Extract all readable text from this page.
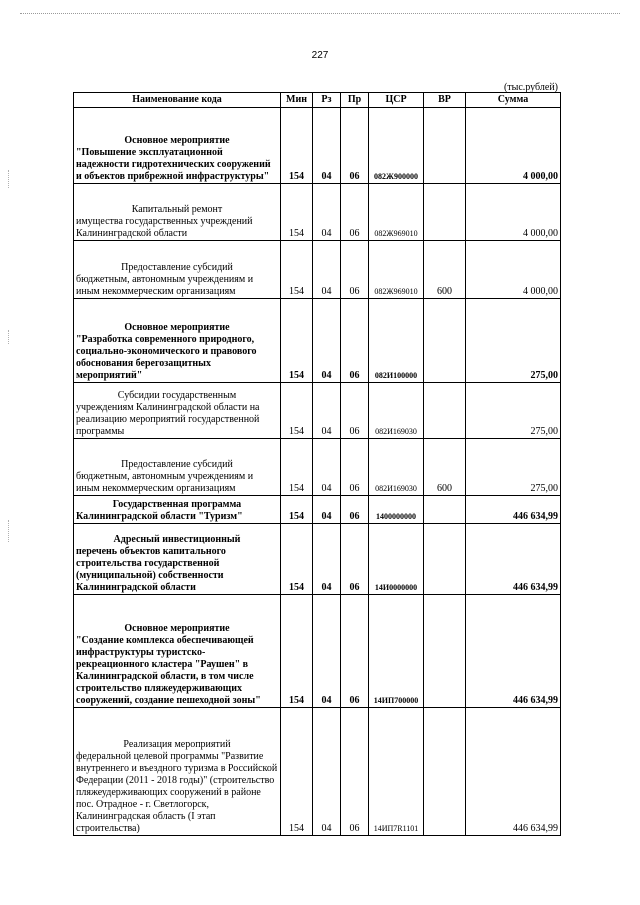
227
(тыс.рублей)
Наименование кода	Мин	Рз	Пр	ЦСР	ВР	Сумма

Основное мероприятие
"Повышение эксплуатационной надежности гидротехнических сооружений и объектов прибрежной инфраструктуры"	154	04	06	082Ж900000		4 000,00

Капитальный ремонт
имущества государственных учреждений Калининградской области	154	04	06	082Ж969010		4 000,00

Предоставление субсидий
бюджетным, автономным учреждениям и иным некоммерческим организациям	154	04	06	082Ж969010	600	4 000,00

Основное мероприятие
"Разработка современного природного, социально-экономического и правового обоснования берегозащитных мероприятий"	154	04	06	082И100000		275,00

Субсидии государственным
учреждениям Калининградской области на реализацию мероприятий государственной программы	154	04	06	082И169030		275,00

Предоставление субсидий
бюджетным, автономным учреждениям и иным некоммерческим организациям	154	04	06	082И169030	600	275,00

Государственная программа
Калининградской области "Туризм"	154	04	06	1400000000		446 634,99

Адресный инвестиционный
перечень объектов капитального строительства государственной (муниципальной) собственности Калининградской области	154	04	06	14И0000000		446 634,99

Основное мероприятие
"Создание комплекса обеспечивающей инфраструктуры туристско-рекреационного кластера "Раушен" в Калининградской области, в том числе строительство пляжеудерживающих сооружений, создание пешеходной зоны"	154	04	06	14ИП700000		446 634,99

Реализация мероприятий
федеральной целевой программы "Развитие внутреннего и въездного туризма в Российской Федерации (2011 - 2018 годы)" (строительство пляжеудерживающих сооружений в районе пос. Отрадное - г. Светлогорск, Калининградская область (I этап строительства)	154	04	06	14ИП7R1101		446 634,99
